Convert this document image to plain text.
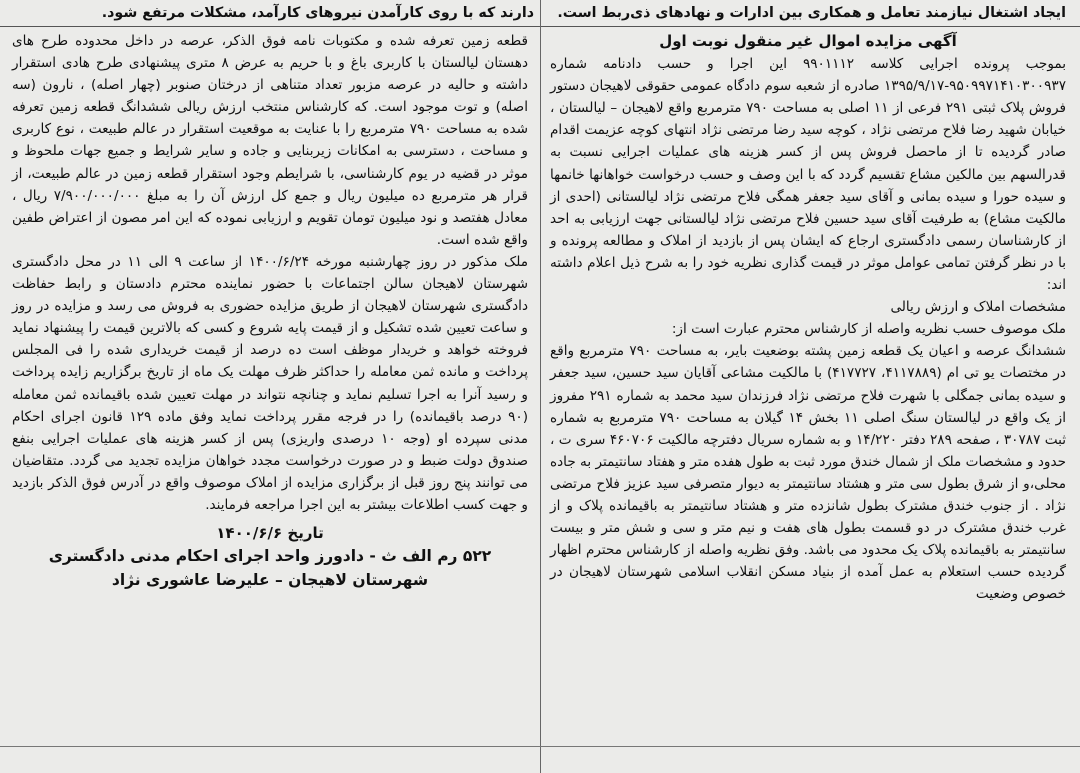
ایجاد اشتغال نیازمند تعامل و همکاری بین ادارات و نهادهای ذی‌ربط است.
دارند که با روی کارآمدن نیروهای کارآمد، مشکلات مرتفع شود.
آگهی مزایده اموال غیر منقول نوبت اول

بموجب پرونده اجرایی کلاسه ۹۹۰۱۱۱۲ این اجرا و حسب دادنامه شماره ۹۵۰۹۹۷۱۴۱۰۳۰۰۹۳۷-۱۳۹۵/۹/۱۷ صادره از شعبه سوم دادگاه عمومی حقوقی لاهیجان دستور فروش پلاک ثبتی ۲۹۱ فرعی از ۱۱ اصلی به مساحت ۷۹۰ مترمربع واقع لاهیجان – لیالستان ، خیابان شهید رضا فلاح مرتضی نژاد ، کوچه سید رضا مرتضی نژاد انتهای کوچه عزیمت اقدام صادر گردیده تا از ماحصل فروش پس از کسر هزینه های عملیات اجرایی نسبت به قدرالسهم بین مالکین مشاع تقسیم گردد که با این وصف و حسب درخواست خواهانها خانمها و سیده حورا و سیده بمانی و آقای سید جعفر همگی فلاح مرتضی نژاد لیالستانی (احدی از مالکیت مشاع) به طرفیت آقای سید حسین فلاح مرتضی نژاد لیالستانی جهت ارزیابی به احد از کارشناسان رسمی دادگستری ارجاع که ایشان پس از بازدید از املاک و مطالعه پرونده و با در نظر گرفتن تمامی عوامل موثر در قیمت گذاری نظریه خود را به شرح ذیل اعلام داشته اند:

مشخصات املاک و ارزش ریالی

ملک موصوف حسب نظریه واصله از کارشناس محترم عبارت است از:

ششدانگ عرصه و اعیان یک قطعه زمین پشته بوضعیت بایر، به مساحت ۷۹۰ مترمربع واقع در مختصات یو تی ام (۴۱۱۷۸۸۹، ۴۱۷۷۲۷) با مالکیت مشاعی آقایان سید حسین، سید جعفر و سیده بمانی جمگلی با شهرت فلاح مرتضی نژاد فرزندان سید محمد به شماره ۲۹۱ مفروز از یک واقع در لیالستان سنگ اصلی ۱۱ بخش ۱۴ گیلان به مساحت ۷۹۰ مترمربع به شماره ثبت ۳۰۷۸۷ ، صفحه ۲۸۹ دفتر ۱۴/۲۲۰ و به شماره سریال دفترچه مالکیت ۴۶۰۷۰۶ سری ت ، حدود و مشخصات ملک از شمال خندق مورد ثبت به طول هفده متر و هفتاد سانتیمتر به جاده محلی،و از شرق بطول سی متر و هشتاد سانتیمتر به دیوار متصرفی سید عزیز فلاح مرتضی نژاد . از جنوب خندق مشترک بطول شانزده متر و هشتاد سانتیمتر به باقیمانده پلاک و از غرب خندق مشترک در دو قسمت بطول های هفت و نیم متر و سی و شش متر و بیست سانتیمتر به باقیمانده پلاک یک محدود می باشد. وفق نظریه واصله از کارشناس محترم اظهار گردیده حسب استعلام به عمل آمده از بنیاد مسکن انقلاب اسلامی شهرستان لاهیجان در خصوص وضعیت

قطعه زمین تعرفه شده و مکتوبات نامه فوق الذکر، عرصه در داخل محدوده طرح های دهستان لیالستان با کاربری باغ و با حریم به عرض ۸ متری پیشنهادی طرح هادی استقرار داشته و حالیه در عرصه مزبور تعداد متناهی از درختان صنوبر (چهار اصله) ، نارون (سه اصله) و توت موجود است. که کارشناس منتخب ارزش ریالی ششدانگ قطعه زمین تعرفه شده به مساحت ۷۹۰ مترمربع را با عنایت به موقعیت استقرار در عالم طبیعت ، نوع کاربری و مساحت ، دسترسی به امکانات زیربنایی و جاده و سایر شرایط و جمیع جهات ملحوظ و موثر در قضیه در یوم کارشناسی، با شرایطم وجود استقرار قطعه زمین در عالم طبیعت، از قرار هر مترمربع ده میلیون ریال و جمع کل ارزش آن را به مبلغ ۷/۹۰۰/۰۰۰/۰۰۰ ریال ، معادل هفتصد و نود میلیون تومان تقویم و ارزیابی نموده که این امر مصون از اعتراض طفین واقع شده است.

ملک مذکور در روز چهارشنبه مورخه ۱۴۰۰/۶/۲۴ از ساعت ۹ الی ۱۱ در محل دادگستری شهرستان لاهیجان سالن اجتماعات با حضور نماینده محترم دادستان و رابط حفاظت دادگستری شهرستان لاهیجان از طریق مزایده حضوری به فروش می رسد و مزایده در روز و ساعت تعیین شده تشکیل و از قیمت پایه شروع و کسی که بالاترین قیمت را پیشنهاد نماید فروخته خواهد و خریدار موظف است ده درصد از قیمت خریداری شده را فی المجلس پرداخت و مانده ثمن معامله را حداکثر ظرف مهلت یک ماه از تاریخ برگزاریم زایده پرداخت و رسید آنرا به اجرا تسلیم نماید و چنانچه نتواند در مهلت تعیین شده باقیمانده ثمن معامله (۹۰ درصد باقیمانده) را در فرجه مقرر پرداخت نماید وفق ماده ۱۲۹ قانون اجرای احکام مدنی سپرده او (وجه ۱۰ درصدی واریزی) پس از کسر هزینه های عملیات اجرایی بنفع صندوق دولت ضبط و در صورت درخواست مجدد خواهان مزایده تجدید می گردد. متقاضیان می توانند پنج روز قبل از برگزاری مزایده از املاک موصوف واقع در آدرس فوق الذکر بازدید و جهت کسب اطلاعات بیشتر به این اجرا مراجعه فرمایند.

تاریخ ۱۴۰۰/۶/۶
۵۲۲ رم الف ث - دادورز واحد اجرای احکام مدنی دادگستری
شهرستان لاهیجان – علیرضا عاشوری نژاد
